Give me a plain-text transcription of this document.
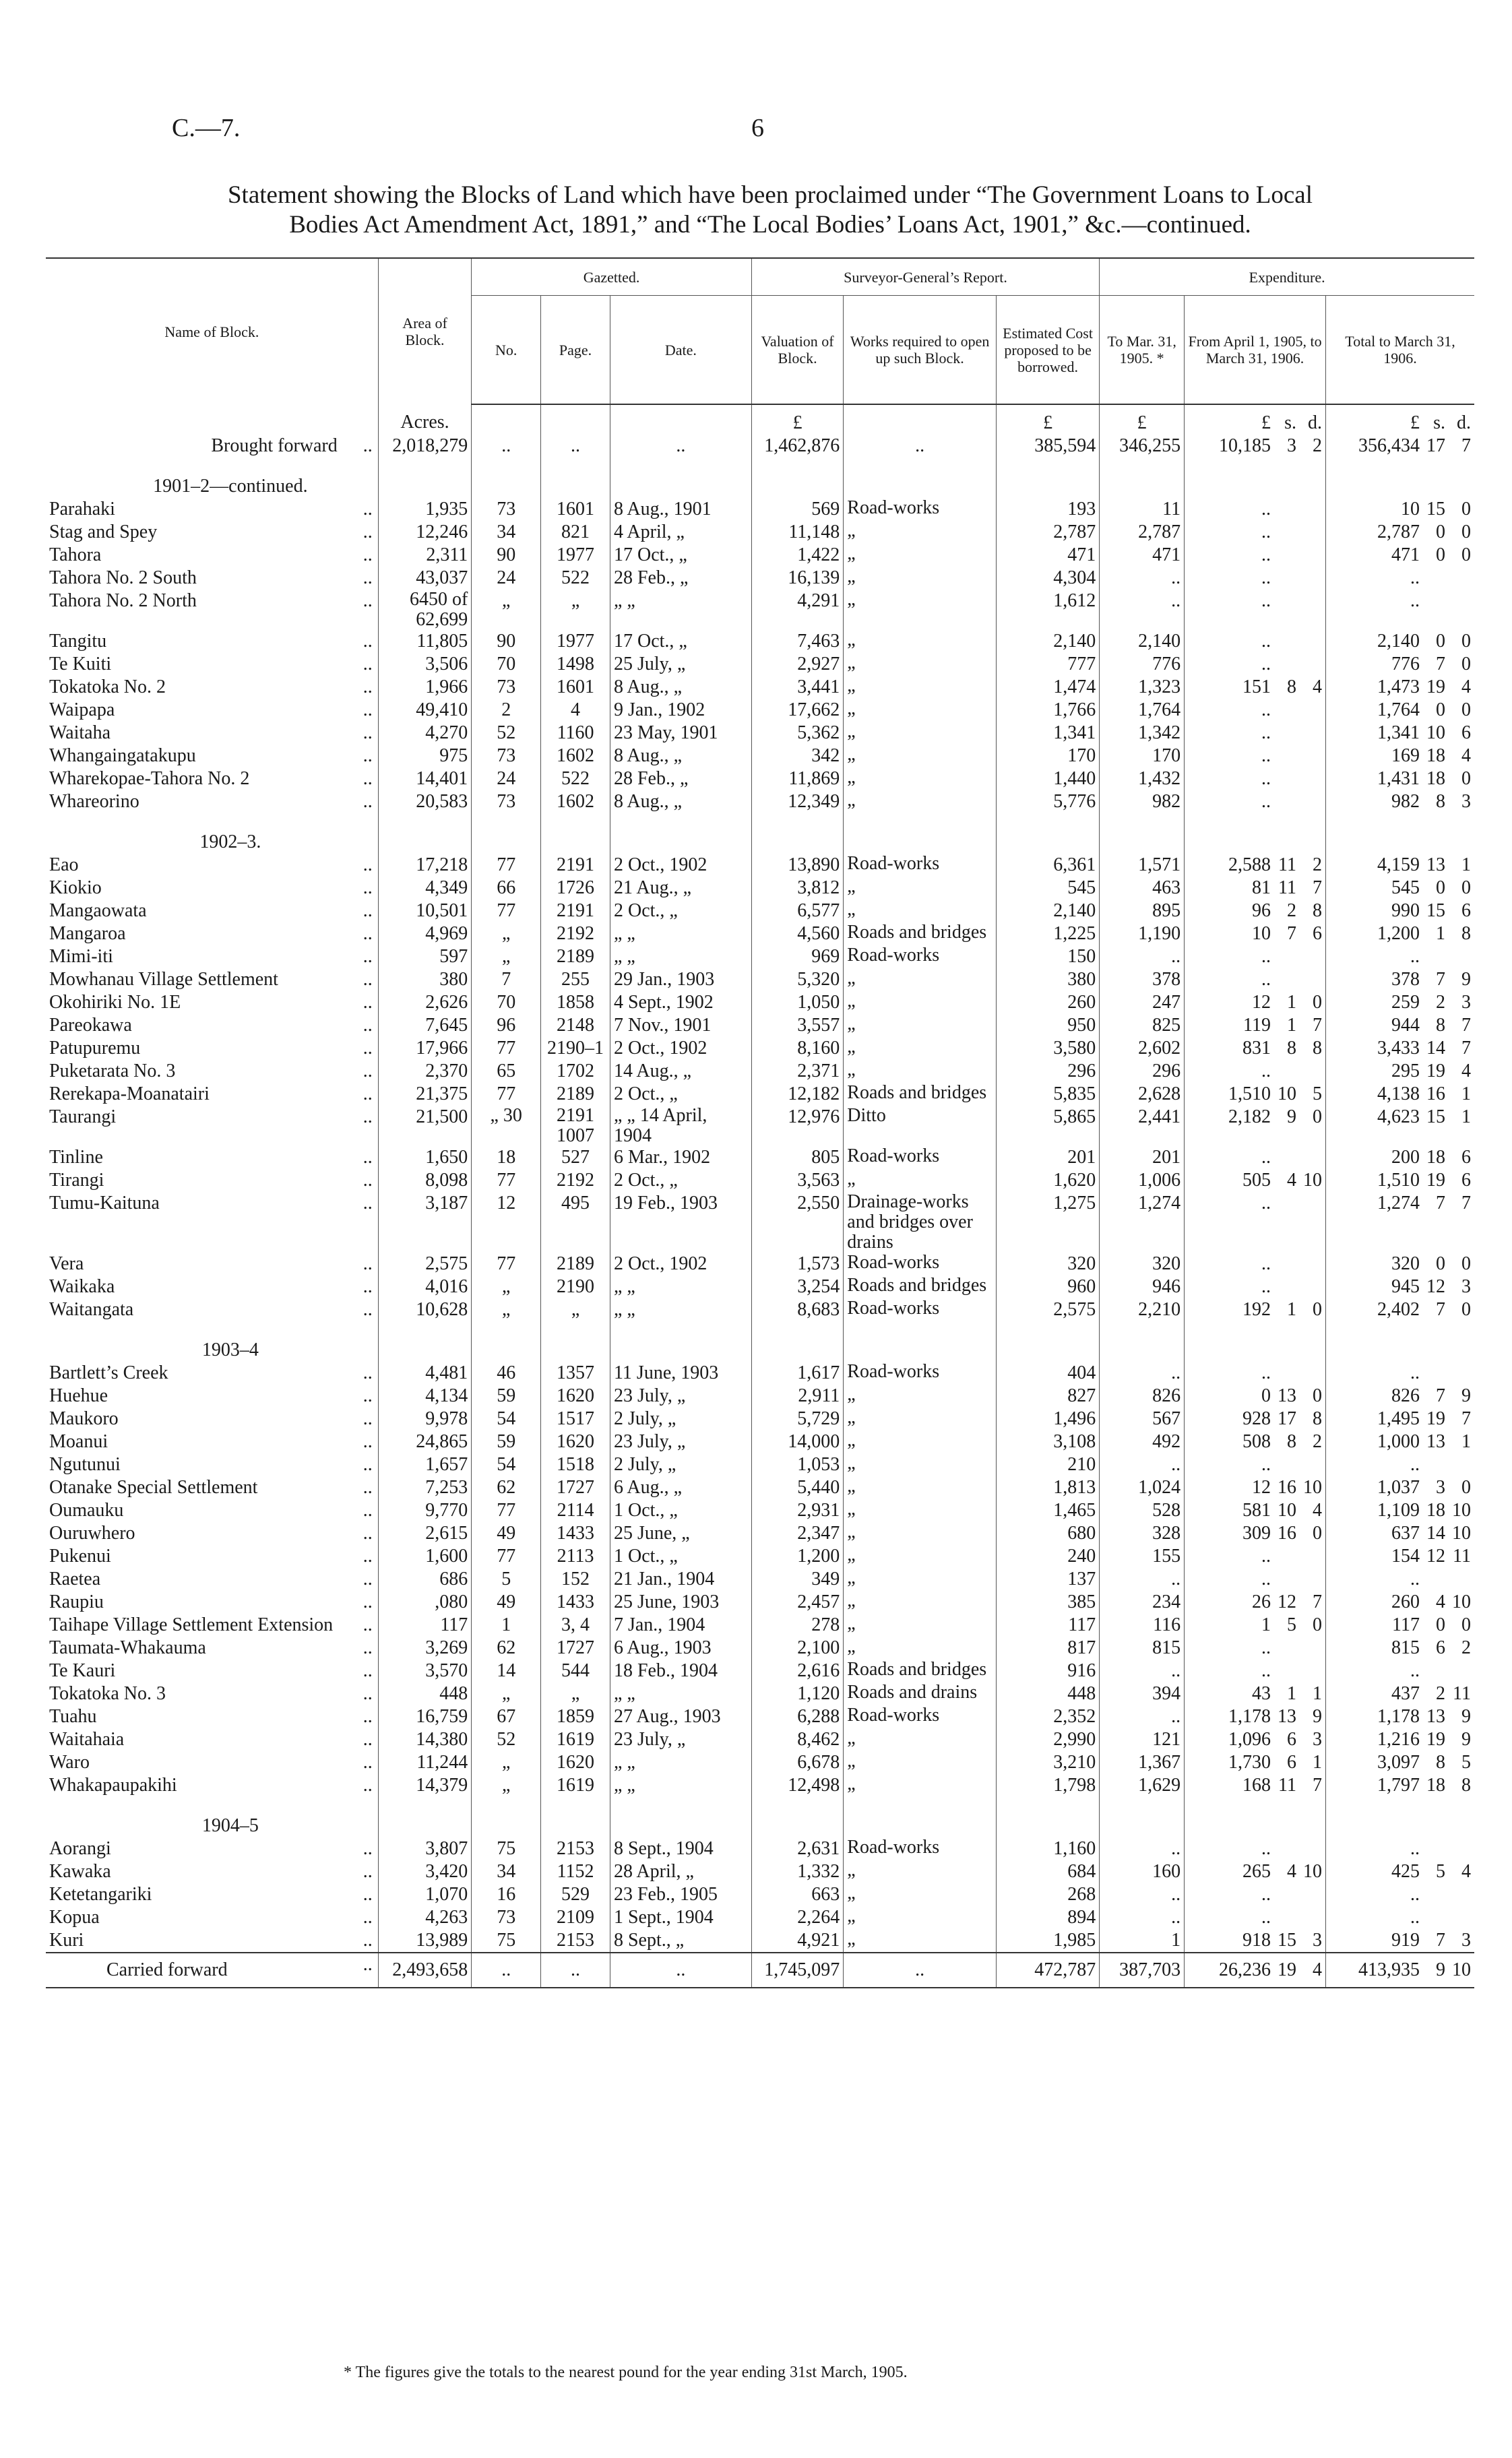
C.—7.	6
Statement showing the Blocks of Land which have been proclaimed under “The Government Loans to Local
Bodies Act Amendment Act, 1891,” and “The Local Bodies’ Loans Act, 1901,” &c.—continued.
Name of Block.	Area of Block.	Gazetted.			Surveyor-General’s Report.			Expenditure.		
		No.	Page.	Date.	Valuation of Block.	Works required to open up such Block.	Estimated Cost proposed to be borrowed.	To Mar. 31, 1905. *	From April 1, 1905, to March 31, 1906.	Total to March 31, 1906.
	Acres.				£		£	£	£ s. d.	£ s. d.
Brought forward ..	2,018,279	..	..	..	1,462,876	..	385,594	346,255	10,185 3 2	356,434 17 7
1901–2—continued.										
Parahaki ..	1,935	73	1601	8 Aug., 1901	569	Road-works	193	11	..	10 15 0
Stag and Spey ..	12,246	34	821	4 April, „	11,148	„	2,787	2,787	..	2,787 0 0
Tahora ..	2,311	90	1977	17 Oct., „	1,422	„	471	471	..	471 0 0
Tahora No. 2 South ..	43,037	24	522	28 Feb., „	16,139	„	4,304	..	..	..
Tahora No. 2 North ..	6450 of 62,699	„	„	„ „	4,291	„	1,612	..	..	..
Tangitu ..	11,805	90	1977	17 Oct., „	7,463	„	2,140	2,140	..	2,140 0 0
Te Kuiti ..	3,506	70	1498	25 July, „	2,927	„	777	776	..	776 7 0
Tokatoka No. 2 ..	1,966	73	1601	8 Aug., „	3,441	„	1,474	1,323	151 8 4	1,473 19 4
Waipapa ..	49,410	2	4	9 Jan., 1902	17,662	„	1,766	1,764	..	1,764 0 0
Waitaha ..	4,270	52	1160	23 May, 1901	5,362	„	1,341	1,342	..	1,341 10 6
Whangaingatakupu ..	975	73	1602	8 Aug., „	342	„	170	170	..	169 18 4
Wharekopae-Tahora No. 2 ..	14,401	24	522	28 Feb., „	11,869	„	1,440	1,432	..	1,431 18 0
Whareorino ..	20,583	73	1602	8 Aug., „	12,349	„	5,776	982	..	982 8 3
1902–3.										
Eao ..	17,218	77	2191	2 Oct., 1902	13,890	Road-works	6,361	1,571	2,588 11 2	4,159 13 1
Kiokio ..	4,349	66	1726	21 Aug., „	3,812	„	545	463	81 11 7	545 0 0
Mangaowata ..	10,501	77	2191	2 Oct., „	6,577	„	2,140	895	96 2 8	990 15 6
Mangaroa ..	4,969	„	2192	„ „	4,560	Roads and bridges	1,225	1,190	10 7 6	1,200 1 8
Mimi-iti ..	597	„	2189	„ „	969	Road-works	150	..	..	..
Mowhanau Village Settlement ..	380	7	255	29 Jan., 1903	5,320	„	380	378	..	378 7 9
Okohiriki No. 1E ..	2,626	70	1858	4 Sept., 1902	1,050	„	260	247	12 1 0	259 2 3
Pareokawa ..	7,645	96	2148	7 Nov., 1901	3,557	„	950	825	119 1 7	944 8 7
Patupuremu ..	17,966	77	2190–1	2 Oct., 1902	8,160	„	3,580	2,602	831 8 8	3,433 14 7
Puketarata No. 3 ..	2,370	65	1702	14 Aug., „	2,371	„	296	296	..	295 19 4
Rerekapa-Moanatairi ..	21,375	77	2189	2 Oct., „	12,182	Roads and bridges	5,835	2,628	1,510 10 5	4,138 16 1
Taurangi ..	21,500	„ 30	2191 1007	„ „ 14 April, 1904	12,976	Ditto	5,865	2,441	2,182 9 0	4,623 15 1
Tinline ..	1,650	18	527	6 Mar., 1902	805	Road-works	201	201	..	200 18 6
Tirangi ..	8,098	77	2192	2 Oct., „	3,563	„	1,620	1,006	505 4 10	1,510 19 6
Tumu-Kaituna ..	3,187	12	495	19 Feb., 1903	2,550	Drainage-works and bridges over drains	1,275	1,274	..	1,274 7 7
Vera ..	2,575	77	2189	2 Oct., 1902	1,573	Road-works	320	320	..	320 0 0
Waikaka ..	4,016	„	2190	„ „	3,254	Roads and bridges	960	946	..	945 12 3
Waitangata ..	10,628	„	„	„ „	8,683	Road-works	2,575	2,210	192 1 0	2,402 7 0
1903–4										
Bartlett’s Creek ..	4,481	46	1357	11 June, 1903	1,617	Road-works	404	..	..	..
Huehue ..	4,134	59	1620	23 July, „	2,911	„	827	826	0 13 0	826 7 9
Maukoro ..	9,978	54	1517	2 July, „	5,729	„	1,496	567	928 17 8	1,495 19 7
Moanui ..	24,865	59	1620	23 July, „	14,000	„	3,108	492	508 8 2	1,000 13 1
Ngutunui ..	1,657	54	1518	2 July, „	1,053	„	210	..	..	..
Otanake Special Settlement ..	7,253	62	1727	6 Aug., „	5,440	„	1,813	1,024	12 16 10	1,037 3 0
Oumauku ..	9,770	77	2114	1 Oct., „	2,931	„	1,465	528	581 10 4	1,109 18 10
Ouruwhero ..	2,615	49	1433	25 June, „	2,347	„	680	328	309 16 0	637 14 10
Pukenui ..	1,600	77	2113	1 Oct., „	1,200	„	240	155	..	154 12 11
Raetea ..	686	5	152	21 Jan., 1904	349	„	137	..	..	..
Raupiu ..	,080	49	1433	25 June, 1903	2,457	„	385	234	26 12 7	260 4 10
Taihape Village Settlement Extension ..	117	1	3, 4	7 Jan., 1904	278	„	117	116	1 5 0	117 0 0
Taumata-Whakauma ..	3,269	62	1727	6 Aug., 1903	2,100	„	817	815	..	815 6 2
Te Kauri ..	3,570	14	544	18 Feb., 1904	2,616	Roads and bridges	916	..	..	..
Tokatoka No. 3 ..	448	„	„	„ „	1,120	Roads and drains	448	394	43 1 1	437 2 11
Tuahu ..	16,759	67	1859	27 Aug., 1903	6,288	Road-works	2,352	..	1,178 13 9	1,178 13 9
Waitahaia ..	14,380	52	1619	23 July, „	8,462	„	2,990	121	1,096 6 3	1,216 19 9
Waro ..	11,244	„	1620	„ „	6,678	„	3,210	1,367	1,730 6 1	3,097 8 5
Whakapaupakihi ..	14,379	„	1619	„ „	12,498	„	1,798	1,629	168 11 7	1,797 18 8
1904–5										
Aorangi ..	3,807	75	2153	8 Sept., 1904	2,631	Road-works	1,160	..	..	..
Kawaka ..	3,420	34	1152	28 April, „	1,332	„	684	160	265 4 10	425 5 4
Ketetangariki ..	1,070	16	529	23 Feb., 1905	663	„	268	..	..	..
Kopua ..	4,263	73	2109	1 Sept., 1904	2,264	„	894	..	..	..
Kuri ..	13,989	75	2153	8 Sept., „	4,921	„	1,985	1	918 15 3	919 7 3
Carried forward ..	2,493,658	..	..	..	1,745,097	..	472,787	387,703	26,236 19 4	413,935 9 10
* The figures give the totals to the nearest pound for the year ending 31st March, 1905.
